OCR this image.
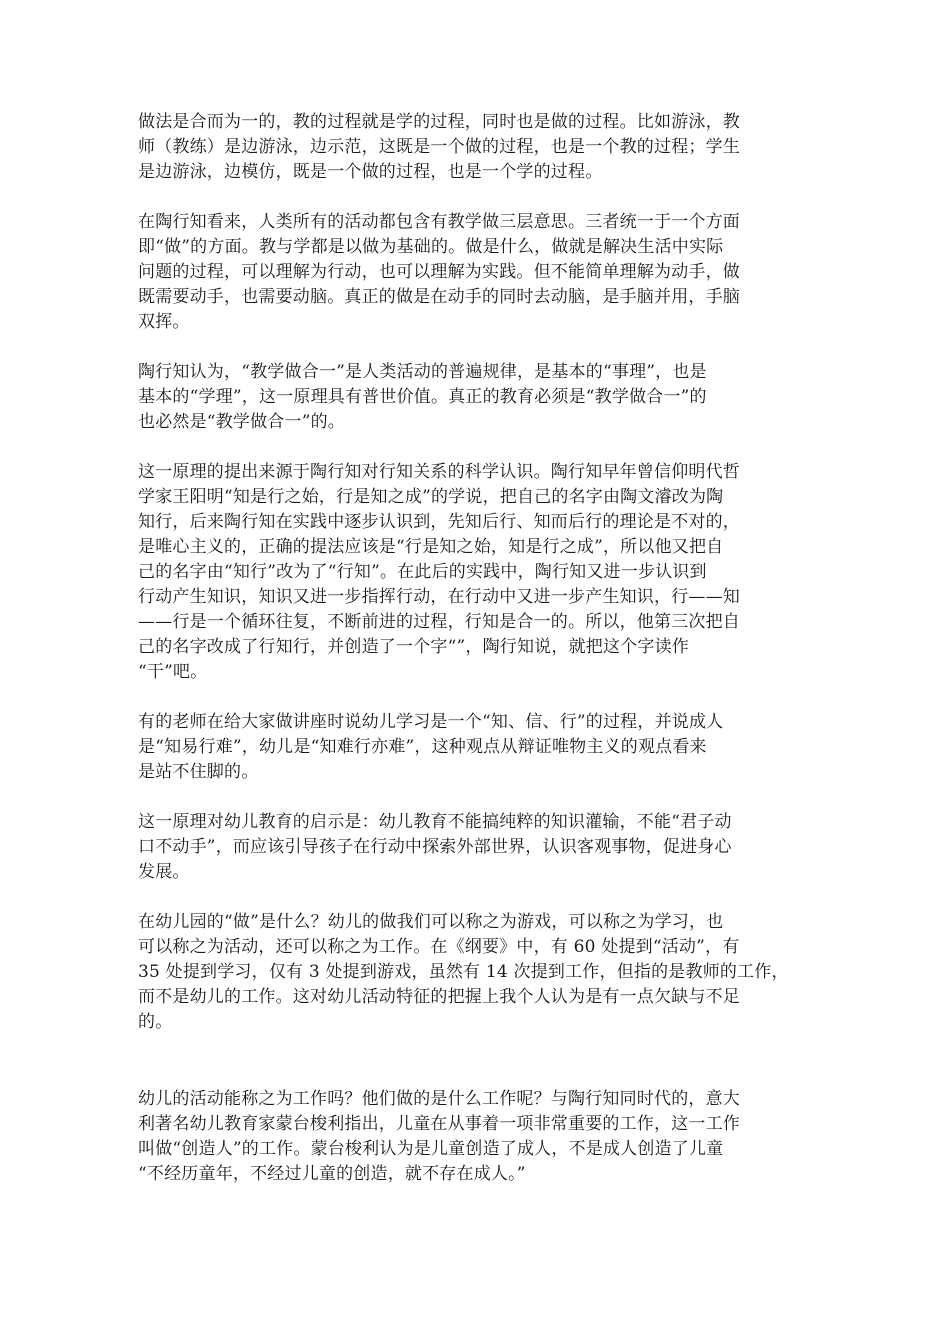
做法是合而为一的，教的过程就是学的过程，同时也是做的过程。比如游泳，教
师（教练）是边游泳，边示范，这既是一个做的过程，也是一个教的过程；学生
是边游泳，边模仿，既是一个做的过程，也是一个学的过程。

在陶行知看来，人类所有的活动都包含有教学做三层意思。三者统一于一个方面
即“做”的方面。教与学都是以做为基础的。做是什么，做就是解决生活中实际
问题的过程，可以理解为行动，也可以理解为实践。但不能简单理解为动手，做
既需要动手，也需要动脑。真正的做是在动手的同时去动脑，是手脑并用，手脑
双挥。

陶行知认为，“教学做合一”是人类活动的普遍规律，是基本的“事理”，也是
基本的“学理”，这一原理具有普世价值。真正的教育必须是“教学做合一”的
也必然是“教学做合一”的。

这一原理的提出来源于陶行知对行知关系的科学认识。陶行知早年曾信仰明代哲
学家王阳明“知是行之始，行是知之成”的学说，把自己的名字由陶文濬改为陶
知行，后来陶行知在实践中逐步认识到，先知后行、知而后行的理论是不对的，
是唯心主义的，正确的提法应该是“行是知之始，知是行之成”，所以他又把自
己的名字由“知行”改为了“行知”。在此后的实践中，陶行知又进一步认识到
行动产生知识，知识又进一步指挥行动，在行动中又进一步产生知识，行——知
——行是一个循环往复，不断前进的过程，行知是合一的。所以，他第三次把自
己的名字改成了行知行，并创造了一个字“”，陶行知说，就把这个字读作
“干”吧。

有的老师在给大家做讲座时说幼儿学习是一个“知、信、行”的过程，并说成人
是“知易行难”，幼儿是“知难行亦难”，这种观点从辩证唯物主义的观点看来
是站不住脚的。

这一原理对幼儿教育的启示是：幼儿教育不能搞纯粹的知识灌输，不能“君子动
口不动手”，而应该引导孩子在行动中探索外部世界，认识客观事物，促进身心
发展。

在幼儿园的“做”是什么？幼儿的做我们可以称之为游戏，可以称之为学习，也
可以称之为活动，还可以称之为工作。在《纲要》中，有 60 处提到“活动”，有
35 处提到学习，仅有 3 处提到游戏，虽然有 14 次提到工作，但指的是教师的工作，
而不是幼儿的工作。这对幼儿活动特征的把握上我个人认为是有一点欠缺与不足
的。

幼儿的活动能称之为工作吗？他们做的是什么工作呢？与陶行知同时代的，意大
利著名幼儿教育家蒙台梭利指出，儿童在从事着一项非常重要的工作，这一工作
叫做“创造人”的工作。蒙台梭利认为是儿童创造了成人，不是成人创造了儿童
“不经历童年，不经过儿童的创造，就不存在成人。”
